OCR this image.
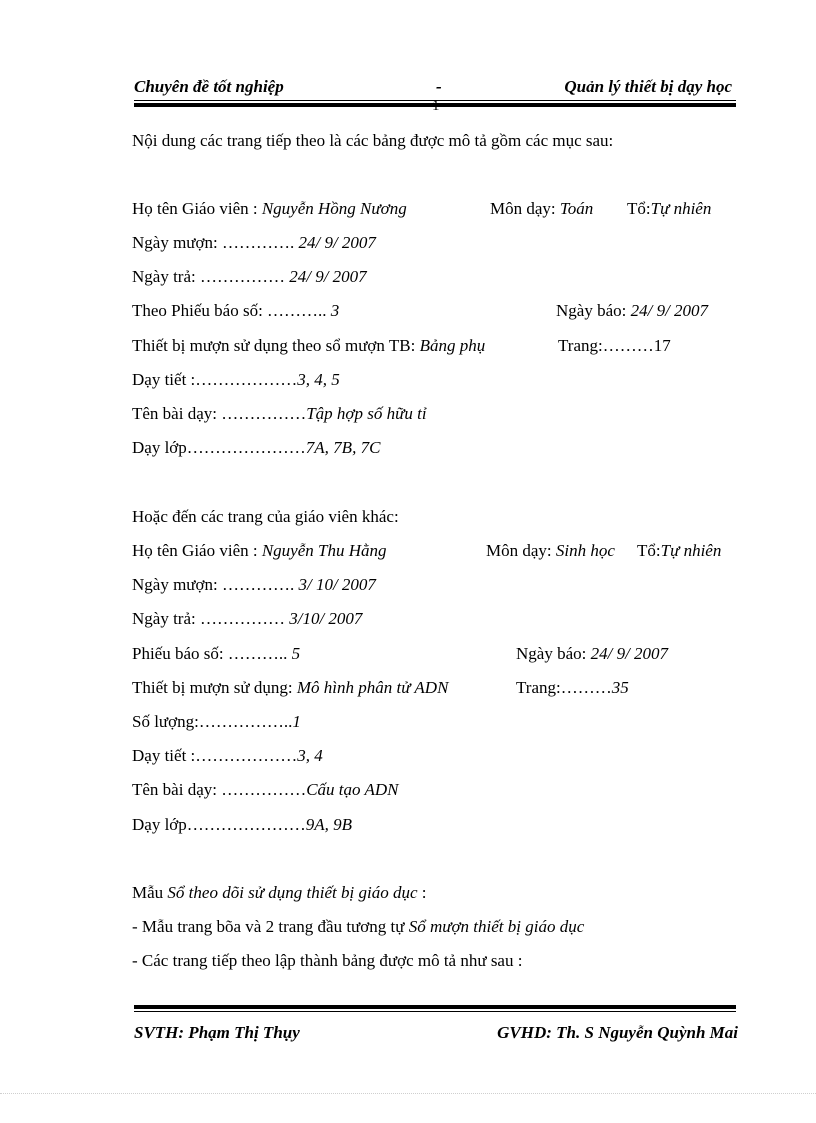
Chuyên đề tốt nghiệp	-	Quản lý thiết bị dạy học
1-
Nội dung các trang tiếp theo là các bảng được mô tả gồm các mục sau:
Họ tên Giáo viên : Nguyễn Hồng Nương	Môn dạy: Toán Tổ:Tự nhiên
Ngày mượn: …………. 24/ 9/ 2007
Ngày trả: …………… 24/ 9/ 2007
Theo Phiếu báo số: ……….. 3	Ngày báo: 24/ 9/ 2007
Thiết bị mượn sử dụng theo sổ mượn TB: Bảng phụ	Trang:………17
Dạy tiết :………………3, 4, 5
Tên bài dạy: ……………Tập hợp số hữu tỉ
Dạy lớp…………………7A, 7B, 7C
Hoặc đến các trang của giáo viên khác:
Họ tên Giáo viên : Nguyễn Thu Hằng	Môn dạy: Sinh học Tổ:Tự nhiên
Ngày mượn: …………. 3/ 10/ 2007
Ngày trả: …………… 3/10/ 2007
Phiếu báo số: ……….. 5	Ngày báo: 24/ 9/ 2007
Thiết bị mượn sử dụng: Mô hình phân tử ADN	Trang:………35
Số lượng:……………..1
Dạy tiết :………………3, 4
Tên bài dạy: ……………Cấu tạo ADN
Dạy lớp…………………9A, 9B
Mẫu Sổ theo dõi sử dụng thiết bị giáo dục :
- Mẫu trang bõa và 2 trang đầu tương tự Sổ mượn thiết bị giáo dục
- Các trang tiếp theo lập thành bảng được mô tả như sau :
SVTH: Phạm Thị Thụy	GVHD: Th. S Nguyễn Quỳnh Mai
